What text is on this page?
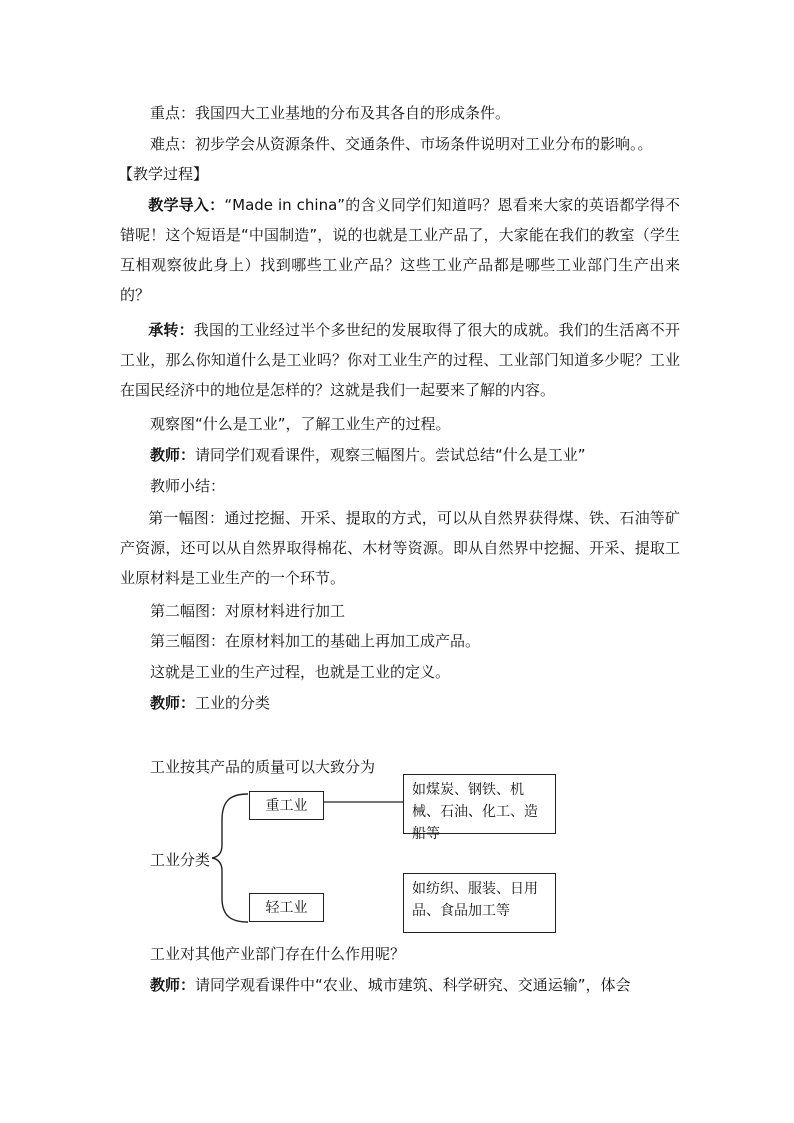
重点：我国四大工业基地的分布及其各自的形成条件。
难点：初步学会从资源条件、交通条件、市场条件说明对工业分布的影响。。
【教学过程】
教学导入：“Made in china”的含义同学们知道吗？恩看来大家的英语都学得不错呢！这个短语是“中国制造”，说的也就是工业产品了，大家能在我们的教室（学生互相观察彼此身上）找到哪些工业产品？这些工业产品都是哪些工业部门生产出来的？
承转：我国的工业经过半个多世纪的发展取得了很大的成就。我们的生活离不开工业，那么你知道什么是工业吗？你对工业生产的过程、工业部门知道多少呢？工业在国民经济中的地位是怎样的？这就是我们一起要来了解的内容。
观察图“什么是工业”，了解工业生产的过程。
教师：请同学们观看课件，观察三幅图片。尝试总结“什么是工业”
教师小结：
第一幅图：通过挖掘、开采、提取的方式，可以从自然界获得煤、铁、石油等矿产资源，还可以从自然界取得棉花、木材等资源。即从自然界中挖掘、开采、提取工业原材料是工业生产的一个环节。
第二幅图：对原材料进行加工
第三幅图：在原材料加工的基础上再加工成产品。
这就是工业的生产过程，也就是工业的定义。
教师：工业的分类
工业按其产品的质量可以大致分为
工业分类
重工业
如煤炭、钢铁、机械、石油、化工、造船等
轻工业
如纺织、服装、日用品、食品加工等
工业对其他产业部门存在什么作用呢？
教师：请同学观看课件中“农业、城市建筑、科学研究、交通运输”，体会
